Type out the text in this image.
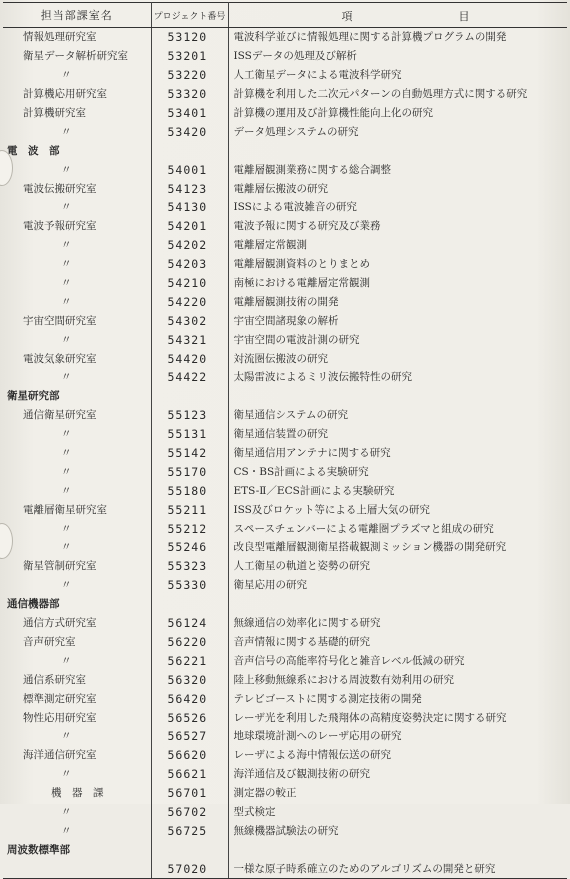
担当部課室名	プロジェクト番号	項 目

情報処理研究室	53120	電波科学並びに情報処理に関する計算機プログラムの開発
衛星データ解析研究室	53201	ISSデータの処理及び解析
〃	53220	人工衛星データによる電波科学研究
計算機応用研究室	53320	計算機を利用した二次元パターンの自動処理方式に関する研究
計算機研究室	53401	計算機の運用及び計算機性能向上化の研究
〃	53420	データ処理システムの研究
電　波　部		
〃	54001	電離層観測業務に関する総合調整
電波伝搬研究室	54123	電離層伝搬波の研究
〃	54130	ISSによる電波雑音の研究
電波予報研究室	54201	電波予報に関する研究及び業務
〃	54202	電離層定常観測
〃	54203	電離層観測資料のとりまとめ
〃	54210	南極における電離層定常観測
〃	54220	電離層観測技術の開発
宇宙空間研究室	54302	宇宙空間諸現象の解析
〃	54321	宇宙空間の電波計測の研究
電波気象研究室	54420	対流圏伝搬波の研究
〃	54422	太陽雷波によるミリ波伝搬特性の研究
衛星研究部		
通信衛星研究室	55123	衛星通信システムの研究
〃	55131	衛星通信装置の研究
〃	55142	衛星通信用アンテナに関する研究
〃	55170	CS・BS計画による実験研究
〃	55180	ETS-Ⅱ／ECS計画による実験研究
電離層衛星研究室	55211	ISS及びロケット等による上層大気の研究
〃	55212	スペースチェンバーによる電離圏プラズマと組成の研究
〃	55246	改良型電離層観測衛星搭載観測ミッション機器の開発研究
衛星管制研究室	55323	人工衛星の軌道と姿勢の研究
〃	55330	衛星応用の研究
通信機器部		
通信方式研究室	56124	無線通信の効率化に関する研究
音声研究室	56220	音声情報に関する基礎的研究
〃	56221	音声信号の高能率符号化と雑音レベル低減の研究
通信系研究室	56320	陸上移動無線系における周波数有効利用の研究
標準測定研究室	56420	テレビゴーストに関する測定技術の開発
物性応用研究室	56526	レーザ光を利用した飛翔体の高精度姿勢決定に関する研究
〃	56527	地球環境計測へのレーザ応用の研究
海洋通信研究室	56620	レーザによる海中情報伝送の研究
〃	56621	海洋通信及び観測技術の研究
機　器　課	56701	測定器の較正
〃	56702	型式検定
〃	56725	無線機器試験法の研究
周波数標準部		
	57020	一様な原子時系確立のためのアルゴリズムの開発と研究
